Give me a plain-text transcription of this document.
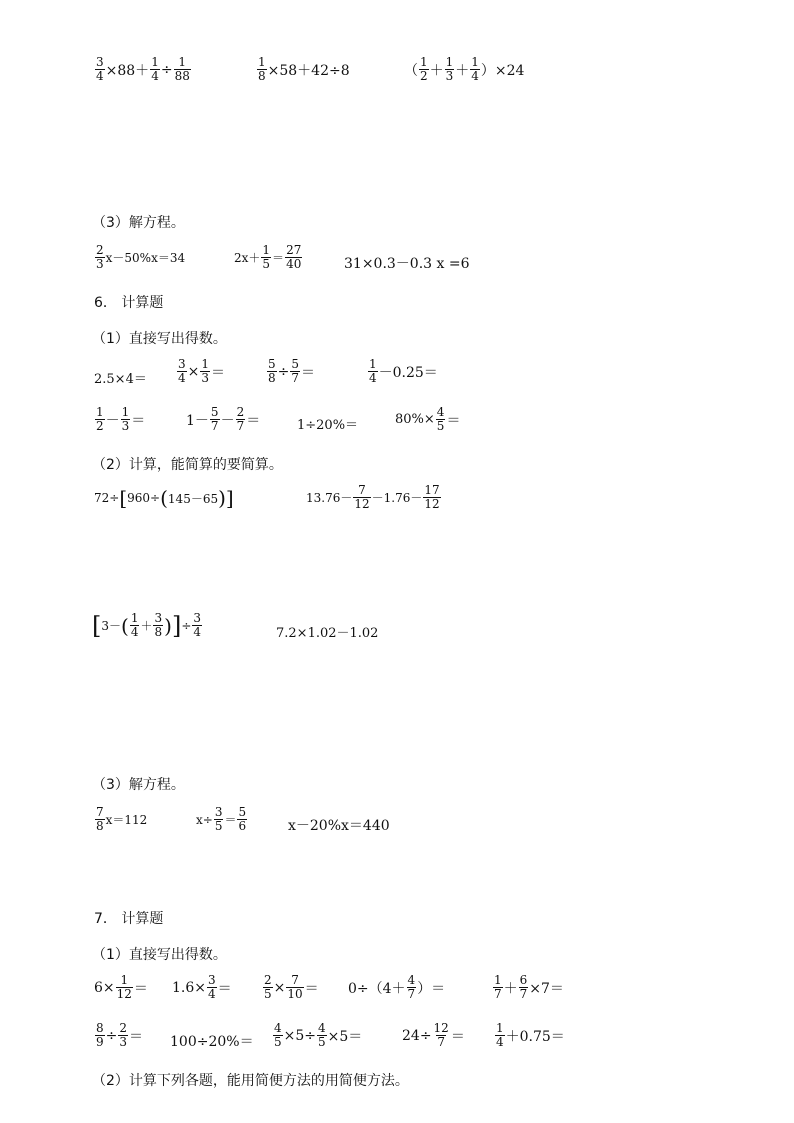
$\frac{3}{4} \times 88+ \frac{1}{4} \div \frac{1}{88}$	$\frac{1}{8} \times 58+42\div 8$	（ $\frac{1}{2} + \frac{1}{3} + \frac{1}{4} )\times 24$
（3）解方程。
$\frac{2}{3} x-50\%x=34$	$2x+ \frac{1}{5} = \frac{27}{40}$	31×0.3－0.3 x =6
6． 计算题
（1）直接写出得数。
2.5×4＝	$\frac{3}{4} \times \frac{1}{3}$ ＝	$\frac{5}{8} \div \frac{5}{7}$ ＝	$\frac{1}{4} -0.25=$
$\frac{1}{2} - \frac{1}{3}$ ＝	$1- \frac{5}{7} - \frac{2}{7}$ ＝	1÷20%＝	$80\%\times \frac{4}{5}$ ＝
（2）计算，能简算的要简算。
72÷ [ 960÷ ( 145－65 ) ]	$13.76- \frac{7}{12} -1.76- \frac{17}{12}$
[ 3－ ( $\frac{1}{4} + \frac{3}{8}$ ) ] ÷ $\frac{3}{4}$	7.2×1.02－1.02
（3）解方程。
$\frac{7}{8} x=112$	$x\div \frac{3}{5} = \frac{5}{6}$	x－20%x＝440
7． 计算题
（1）直接写出得数。
$6\times \frac{1}{12} = 1.6\times \frac{3}{4}$ ＝	$\frac{2}{5} \times \frac{7}{10} = 0\div(4+ \frac{4}{7}$ ）＝	$\frac{1}{7} + \frac{6}{7} \times 7=$
$\frac{8}{9} \div \frac{2}{3} = 100\div 20\%= \frac{4}{5} \times 5\div \frac{4}{5} \times 5=$	$24\div \frac{12}{7}$ ＝	$\frac{1}{4} +0.75=$
（2）计算下列各题，能用简便方法的用简便方法。
